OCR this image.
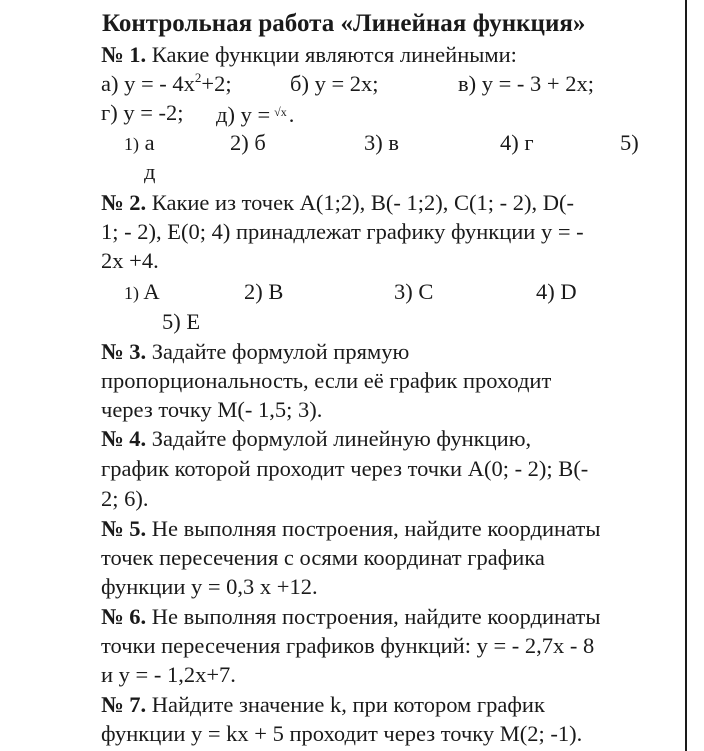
Контрольная работа «Линейная функция»
№ 1. Какие функции являются линейными:
а) y = - $4x^2+2$;	б) y = 2x;	в) y = - 3 + 2x;
г) y = -2; д) y = √x.
1) а	2) б	3) в	4) г	5)
д
№ 2. Какие из точек A(1;2), B(- 1;2), C(1; - 2), D(-
1; - 2), E(0; 4) принадлежат графику функции y = -
2x +4.
1) A	2) B	3) C	4) D
5) E
№ 3. Задайте формулой прямую
пропорциональность, если её график проходит
через точку M(- 1,5; 3).
№ 4. Задайте формулой линейную функцию,
график которой проходит через точки A(0; - 2); B(-
2; 6).
№ 5. Не выполняя построения, найдите координаты
точек пересечения с осями координат графика
функции y = 0,3 x +12.
№ 6. Не выполняя построения, найдите координаты
точки пересечения графиков функций: y = - 2,7x - 8
и y = - 1,2x+7.
№ 7. Найдите значение k, при котором график
функции y = kx + 5 проходит через точку M(2; -1).
